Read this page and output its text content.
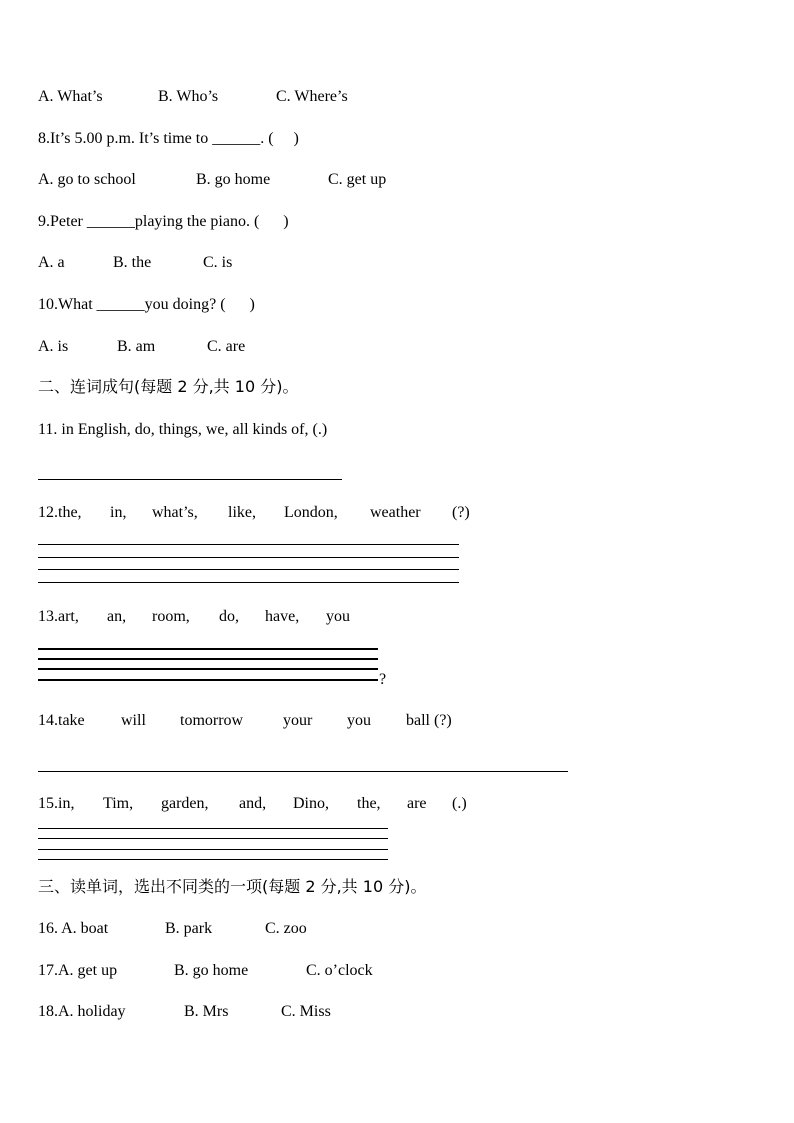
A. What’s	B. Who’s	C. Where’s
8.It’s 5.00 p.m. It’s time to ______. (     )
A. go to school	B. go home	C. get up
9.Peter ______playing the piano. (      )
A. a	B. the	C. is
10.What ______you doing? (      )
A. is	B. am	C. are
二、连词成句(每题 2 分,共 10 分)。
11. in English, do, things, we, all kinds of, (.)
12.the, in, what’s, like, London, weather (?)
13.art, an, room, do, have, you
?
14.take will tomorrow your you ball (?)
15.in, Tim, garden, and, Dino, the, are (.)
三、读单词，选出不同类的一项(每题 2 分,共 10 分)。
16. A. boat	B. park	C. zoo
17.A. get up	B. go home	C. o’clock
18.A. holiday	B. Mrs	C. Miss
